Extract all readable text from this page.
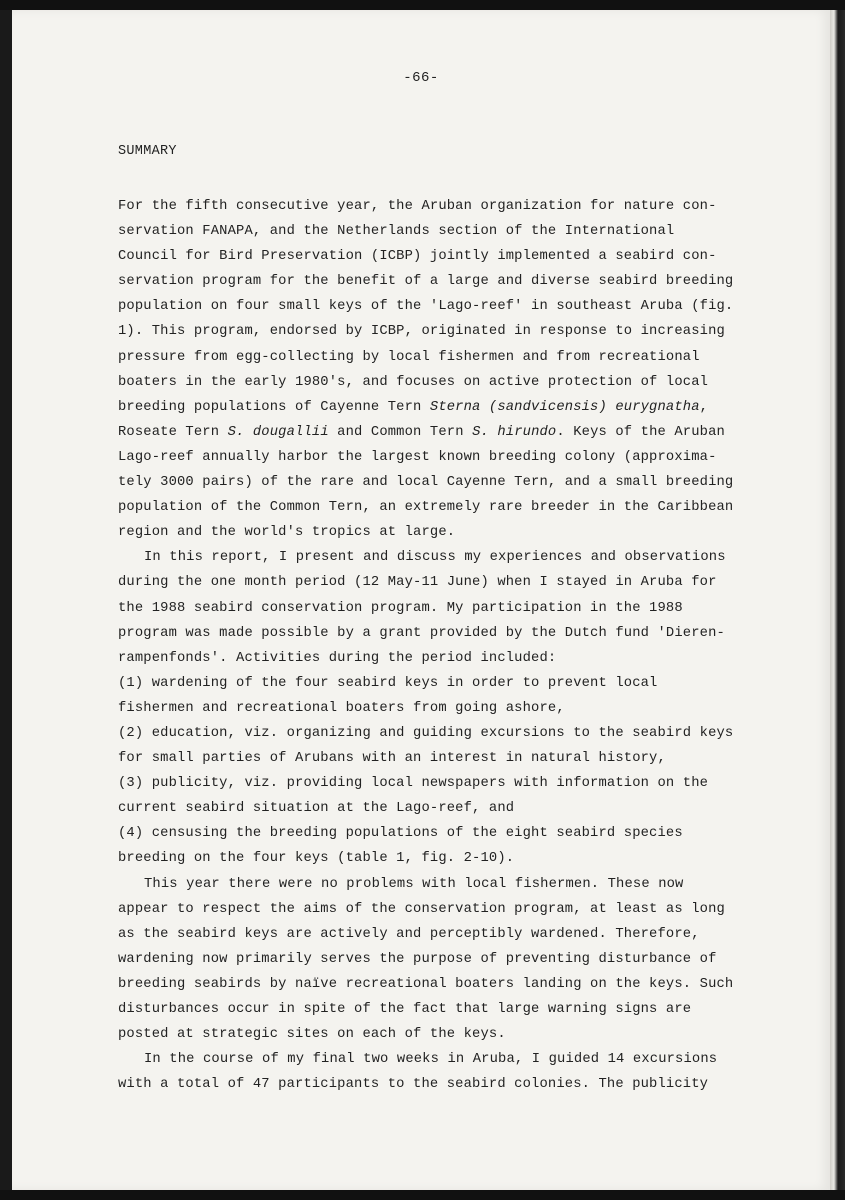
-66-
SUMMARY
For the fifth consecutive year, the Aruban organization for nature con-
servation FANAPA, and the Netherlands section of the International
Council for Bird Preservation (ICBP) jointly implemented a seabird con-
servation program for the benefit of a large and diverse seabird breeding
population on four small keys of the 'Lago-reef' in southeast Aruba (fig.
1). This program, endorsed by ICBP, originated in response to increasing
pressure from egg-collecting by local fishermen and from recreational
boaters in the early 1980's, and focuses on active protection of local
breeding populations of Cayenne Tern Sterna (sandvicensis) eurygnatha,
Roseate Tern S. dougallii and Common Tern S. hirundo. Keys of the Aruban
Lago-reef annually harbor the largest known breeding colony (approxima-
tely 3000 pairs) of the rare and local Cayenne Tern, and a small breeding
population of the Common Tern, an extremely rare breeder in the Caribbean
region and the world's tropics at large.
In this report, I present and discuss my experiences and observations
during the one month period (12 May-11 June) when I stayed in Aruba for
the 1988 seabird conservation program. My participation in the 1988
program was made possible by a grant provided by the Dutch fund 'Dieren-
rampenfonds'. Activities during the period included:
(1) wardening of the four seabird keys in order to prevent local
fishermen and recreational boaters from going ashore,
(2) education, viz. organizing and guiding excursions to the seabird keys
for small parties of Arubans with an interest in natural history,
(3) publicity, viz. providing local newspapers with information on the
current seabird situation at the Lago-reef, and
(4) censusing the breeding populations of the eight seabird species
breeding on the four keys (table 1, fig. 2-10).
This year there were no problems with local fishermen. These now
appear to respect the aims of the conservation program, at least as long
as the seabird keys are actively and perceptibly wardened. Therefore,
wardening now primarily serves the purpose of preventing disturbance of
breeding seabirds by naïve recreational boaters landing on the keys. Such
disturbances occur in spite of the fact that large warning signs are
posted at strategic sites on each of the keys.
In the course of my final two weeks in Aruba, I guided 14 excursions
with a total of 47 participants to the seabird colonies. The publicity
